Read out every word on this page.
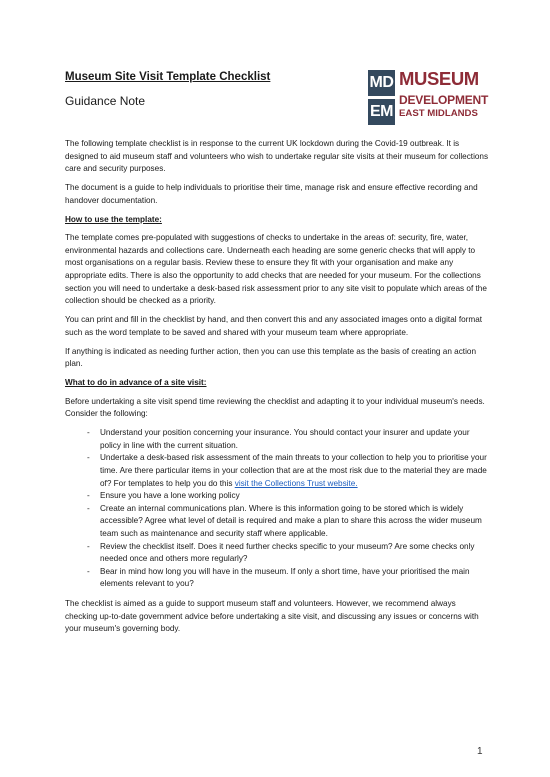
Museum Site Visit Template Checklist
Guidance Note
MD
EM
MUSEUM
DEVELOPMENT
EAST MIDLANDS

The following template checklist is in response to the current UK lockdown during the Covid-19 outbreak. It is designed to aid museum staff and volunteers who wish to undertake regular site visits at their museum for collections care and security purposes.

The document is a guide to help individuals to prioritise their time, manage risk and ensure effective recording and handover documentation.

How to use the template:

The template comes pre-populated with suggestions of checks to undertake in the areas of: security, fire, water, environmental hazards and collections care. Underneath each heading are some generic checks that will apply to most organisations on a regular basis. Review these to ensure they fit with your organisation and make any appropriate edits. There is also the opportunity to add checks that are needed for your museum. For the collections section you will need to undertake a desk-based risk assessment prior to any site visit to populate which areas of the collection should be checked as a priority.

You can print and fill in the checklist by hand, and then convert this and any associated images onto a digital format such as the word template to be saved and shared with your museum team where appropriate.

If anything is indicated as needing further action, then you can use this template as the basis of creating an action plan.

What to do in advance of a site visit:

Before undertaking a site visit spend time reviewing the checklist and adapting it to your individual museum's needs. Consider the following:

- Understand your position concerning your insurance. You should contact your insurer and update your policy in line with the current situation.
- Undertake a desk-based risk assessment of the main threats to your collection to help you to prioritise your time. Are there particular items in your collection that are at the most risk due to the material they are made of? For templates to help you do this visit the Collections Trust website.
- Ensure you have a lone working policy
- Create an internal communications plan. Where is this information going to be stored which is widely accessible? Agree what level of detail is required and make a plan to share this across the wider museum team such as maintenance and security staff where applicable.
- Review the checklist itself. Does it need further checks specific to your museum? Are some checks only needed once and others more regularly?
- Bear in mind how long you will have in the museum. If only a short time, have your prioritised the main elements relevant to you?

The checklist is aimed as a guide to support museum staff and volunteers. However, we recommend always checking up-to-date government advice before undertaking a site visit, and discussing any issues or concerns with your museum's governing body.

1
